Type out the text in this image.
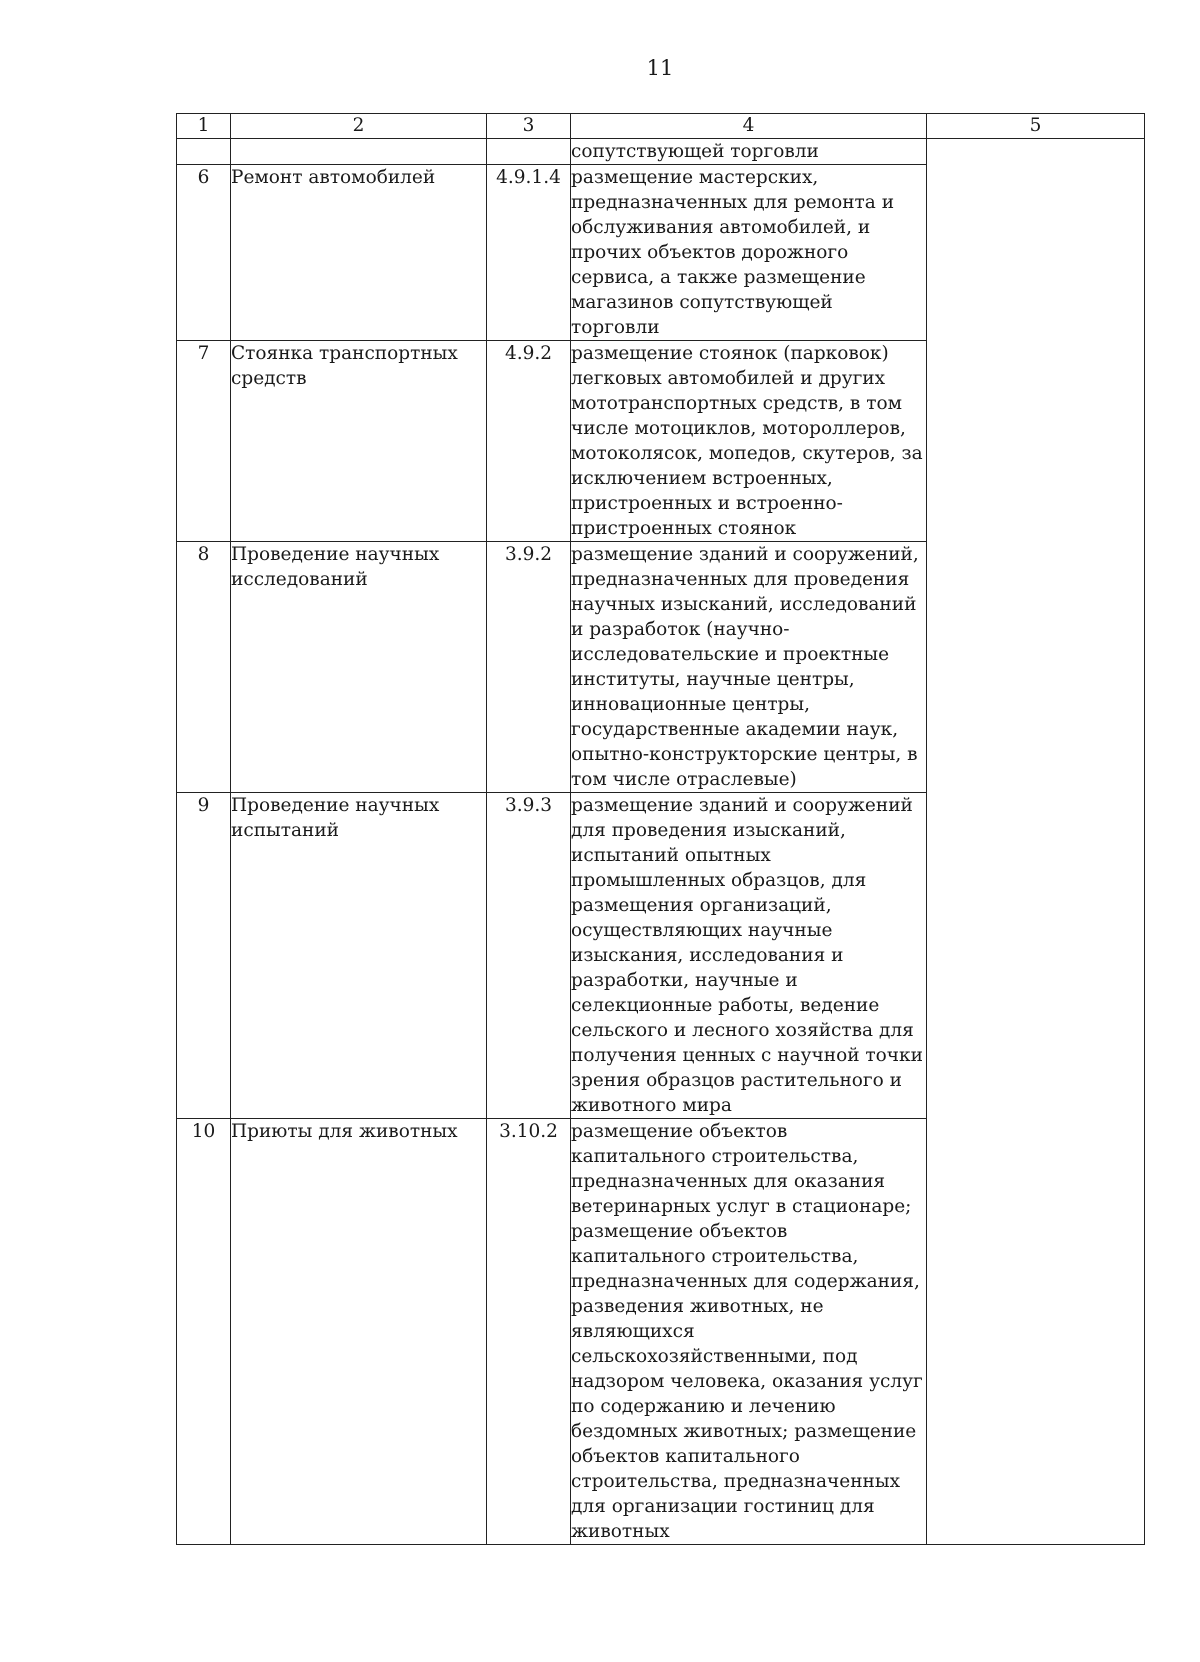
11
1	2	3	4	5
			сопутствующей торговли	
6	Ремонт автомобилей	4.9.1.4	размещение мастерских, предназначенных для ремонта и обслуживания автомобилей, и прочих объектов дорожного сервиса, а также размещение магазинов сопутствующей торговли	
7	Стоянка транспортных средств	4.9.2	размещение стоянок (парковок) легковых автомобилей и других мототранспортных средств, в том числе мотоциклов, мотороллеров, мотоколясок, мопедов, скутеров, за исключением встроенных, пристроенных и встроенно-пристроенных стоянок	
8	Проведение научных исследований	3.9.2	размещение зданий и сооружений, предназначенных для проведения научных изысканий, исследований и разработок (научно-исследовательские и проектные институты, научные центры, инновационные центры, государственные академии наук, опытно-конструкторские центры, в том числе отраслевые)	
9	Проведение научных испытаний	3.9.3	размещение зданий и сооружений для проведения изысканий, испытаний опытных промышленных образцов, для размещения организаций, осуществляющих научные изыскания, исследования и разработки, научные и селекционные работы, ведение сельского и лесного хозяйства для получения ценных с научной точки зрения образцов растительного и животного мира	
10	Приюты для животных	3.10.2	размещение объектов капитального строительства, предназначенных для оказания ветеринарных услуг в стационаре; размещение объектов капитального строительства, предназначенных для содержания, разведения животных, не являющихся сельскохозяйственными, под надзором человека, оказания услуг по содержанию и лечению бездомных животных; размещение объектов капитального строительства, предназначенных для организации гостиниц для животных	
